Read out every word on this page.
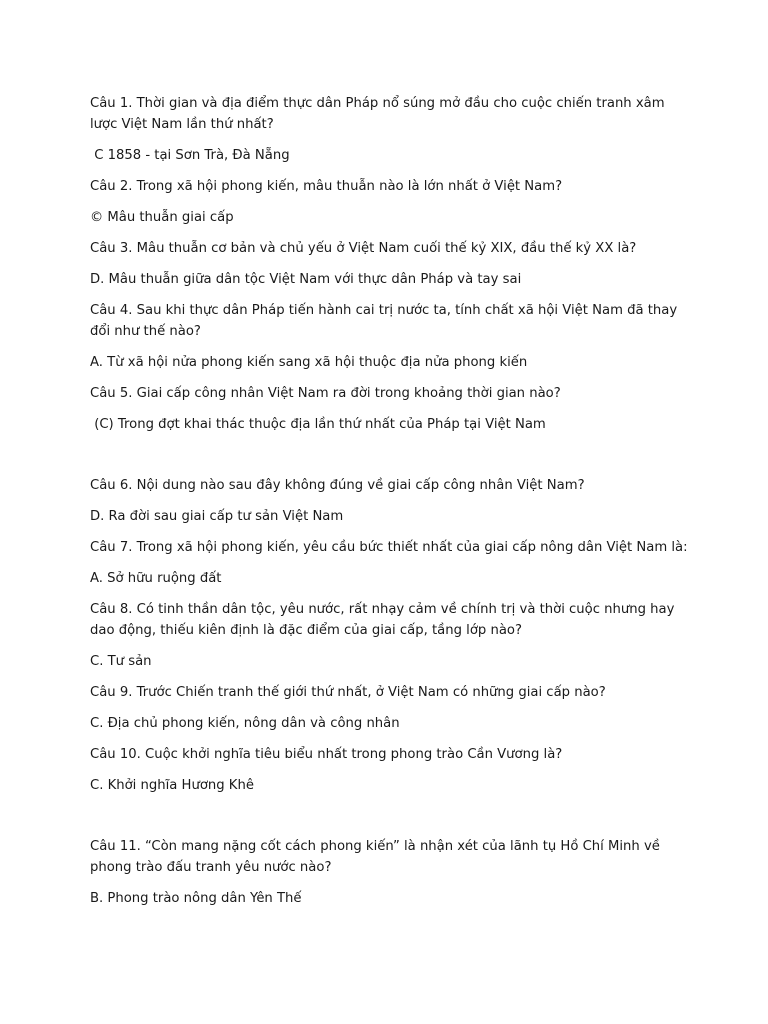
Câu 1. Thời gian và địa điểm thực dân Pháp nổ súng mở đầu cho cuộc chiến tranh xâm lược Việt Nam lần thứ nhất?

C 1858 - tại Sơn Trà, Đà Nẵng

Câu 2. Trong xã hội phong kiến, mâu thuẫn nào là lớn nhất ở Việt Nam?

© Mâu thuẫn giai cấp

Câu 3. Mâu thuẫn cơ bản và chủ yếu ở Việt Nam cuối thế kỷ XIX, đầu thế kỷ XX là?

D. Mâu thuẫn giữa dân tộc Việt Nam với thực dân Pháp và tay sai

Câu 4. Sau khi thực dân Pháp tiến hành cai trị nước ta, tính chất xã hội Việt Nam đã thay đổi như thế nào?

A. Từ xã hội nửa phong kiến sang xã hội thuộc địa nửa phong kiến

Câu 5. Giai cấp công nhân Việt Nam ra đời trong khoảng thời gian nào?

(C) Trong đợt khai thác thuộc địa lần thứ nhất của Pháp tại Việt Nam

Câu 6. Nội dung nào sau đây không đúng về giai cấp công nhân Việt Nam?

D. Ra đời sau giai cấp tư sản Việt Nam

Câu 7. Trong xã hội phong kiến, yêu cầu bức thiết nhất của giai cấp nông dân Việt Nam là:

A. Sở hữu ruộng đất

Câu 8. Có tinh thần dân tộc, yêu nước, rất nhạy cảm về chính trị và thời cuộc nhưng hay dao động, thiếu kiên định là đặc điểm của giai cấp, tầng lớp nào?

C. Tư sản

Câu 9. Trước Chiến tranh thế giới thứ nhất, ở Việt Nam có những giai cấp nào?

C. Địa chủ phong kiến, nông dân và công nhân

Câu 10. Cuộc khởi nghĩa tiêu biểu nhất trong phong trào Cần Vương là?

C. Khởi nghĩa Hương Khê

Câu 11. “Còn mang nặng cốt cách phong kiến” là nhận xét của lãnh tụ Hồ Chí Minh về phong trào đấu tranh yêu nước nào?

B. Phong trào nông dân Yên Thế
